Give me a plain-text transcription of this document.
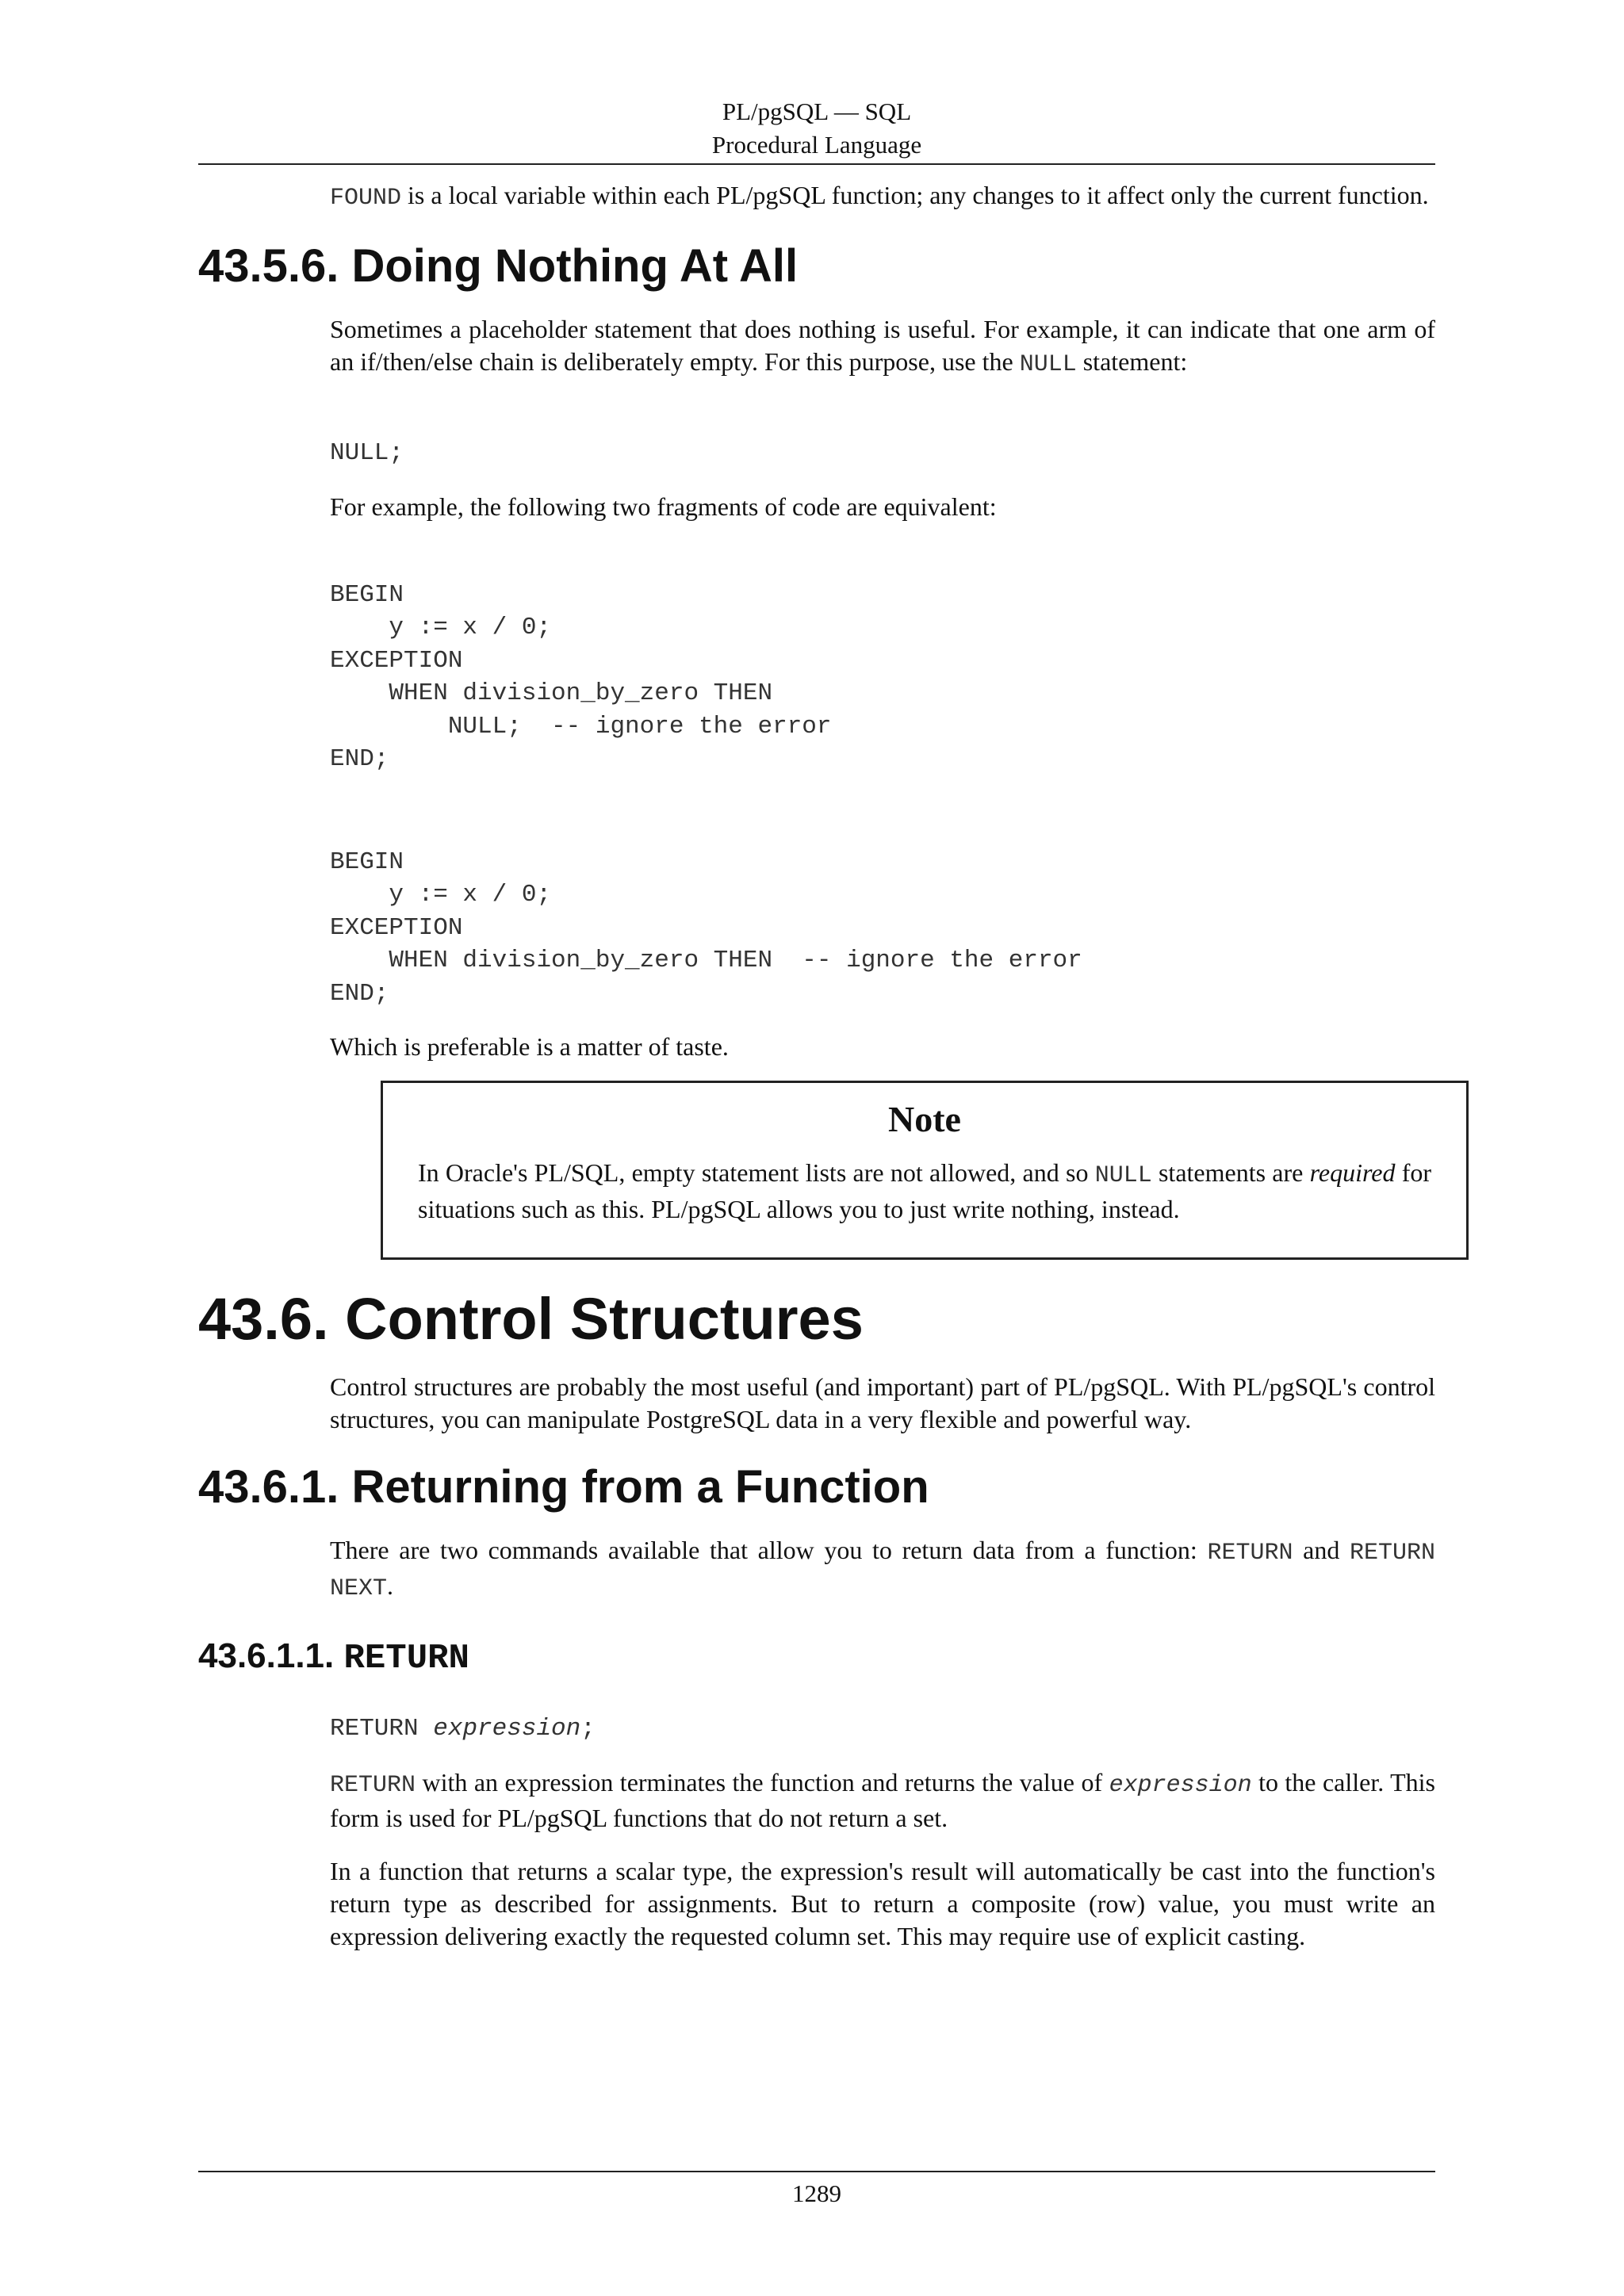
PL/pgSQL — SQL
Procedural Language

FOUND is a local variable within each PL/pgSQL function; any changes to it affect only the current function.

43.5.6. Doing Nothing At All

Sometimes a placeholder statement that does nothing is useful. For example, it can indicate that one arm of an if/then/else chain is deliberately empty. For this purpose, use the NULL statement:

NULL;

For example, the following two fragments of code are equivalent:

BEGIN
y := x / 0;
EXCEPTION
WHEN division_by_zero THEN
NULL;  -- ignore the error
END;
BEGIN
y := x / 0;
EXCEPTION
WHEN division_by_zero THEN  -- ignore the error
END;

Which is preferable is a matter of taste.

Note

In Oracle's PL/SQL, empty statement lists are not allowed, and so NULL statements are required for situations such as this. PL/pgSQL allows you to just write nothing, instead.

43.6. Control Structures

Control structures are probably the most useful (and important) part of PL/pgSQL. With PL/pgSQL's control structures, you can manipulate PostgreSQL data in a very flexible and powerful way.

43.6.1. Returning from a Function

There are two commands available that allow you to return data from a function: RETURN and RETURN NEXT.

43.6.1.1. RETURN
RETURN expression;

RETURN with an expression terminates the function and returns the value of expression to the caller. This form is used for PL/pgSQL functions that do not return a set.

In a function that returns a scalar type, the expression's result will automatically be cast into the function's return type as described for assignments. But to return a composite (row) value, you must write an expression delivering exactly the requested column set. This may require use of explicit casting.

1289
